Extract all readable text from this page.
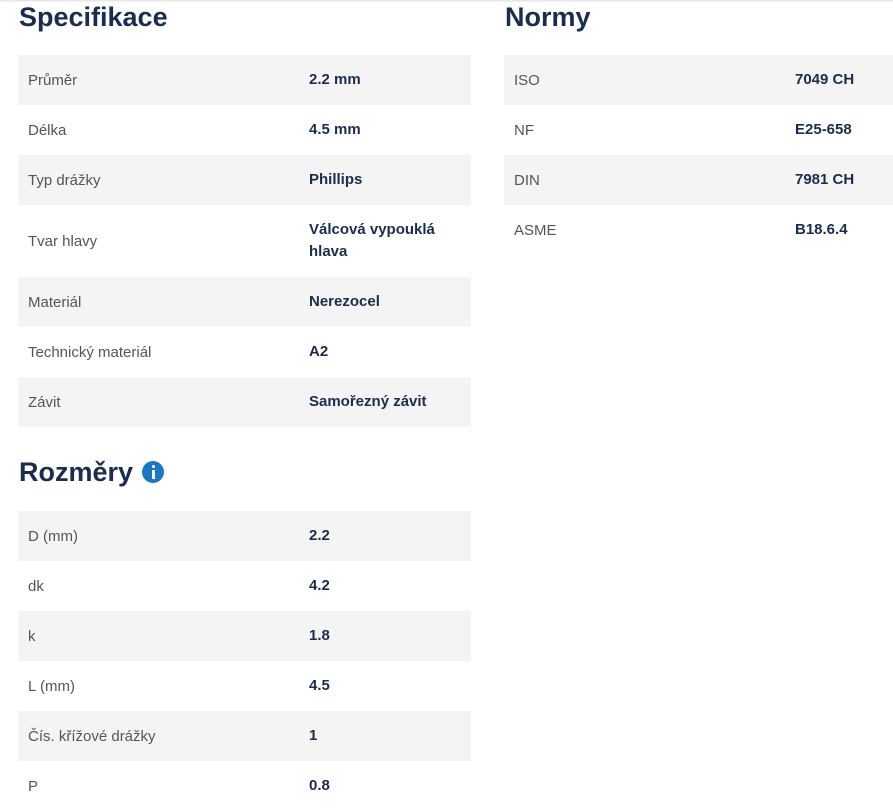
Specifikace
Průměr	2.2 mm
Délka	4.5 mm
Typ drážky	Phillips
Tvar hlavy	Válcová vypouklá hlava
Materiál	Nerezocel
Technický materiál	A2
Závit	Samořezný závit
Rozměry
D (mm)	2.2
dk	4.2
k	1.8
L (mm)	4.5
Čís. křížové drážky	1
P	0.8
Normy
ISO	7049 CH
NF	E25-658
DIN	7981 CH
ASME	B18.6.4
